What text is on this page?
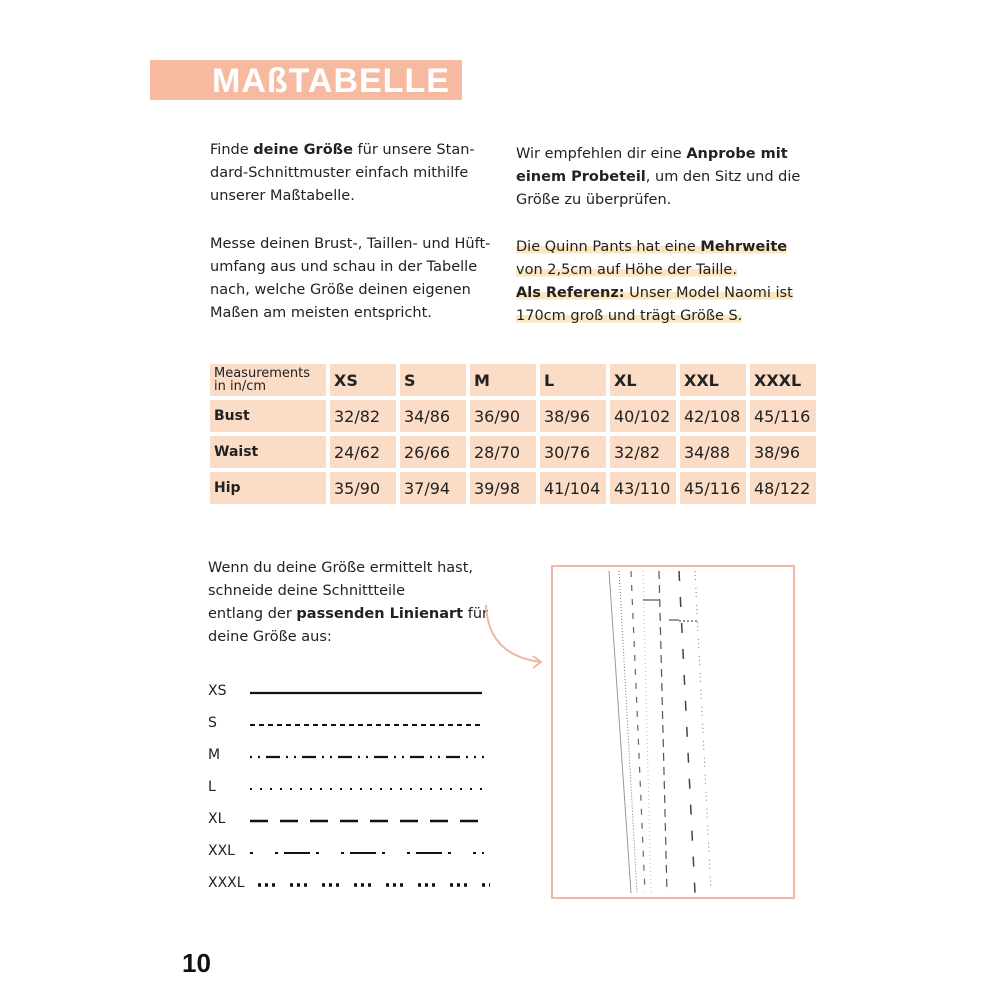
MAßTABELLE
Finde deine Größe für unsere Stan-
dard-Schnittmuster einfach mithilfe
unserer Maßtabelle.
Messe deinen Brust-, Taillen- und Hüft-
umfang aus und schau in der Tabelle
nach, welche Größe deinen eigenen
Maßen am meisten entspricht.
Wir empfehlen dir eine Anprobe mit
einem Probeteil, um den Sitz und die
Größe zu überprüfen.
Die Quinn Pants hat eine Mehrweite
von 2,5cm auf Höhe der Taille.
Als Referenz: Unser Model Naomi ist
170cm groß und trägt Größe S.
Measurements
in in/cm	XS	S	M	L	XL	XXL	XXXL
Bust	32/82	34/86	36/90	38/96	40/102	42/108	45/116
Waist	24/62	26/66	28/70	30/76	32/82	34/88	38/96
Hip	35/90	37/94	39/98	41/104	43/110	45/116	48/122
Wenn du deine Größe ermittelt hast,
schneide deine Schnittteile
entlang der passenden Linienart für
deine Größe aus:
XS
S
M
L
XL
XXL
XXXL
10
